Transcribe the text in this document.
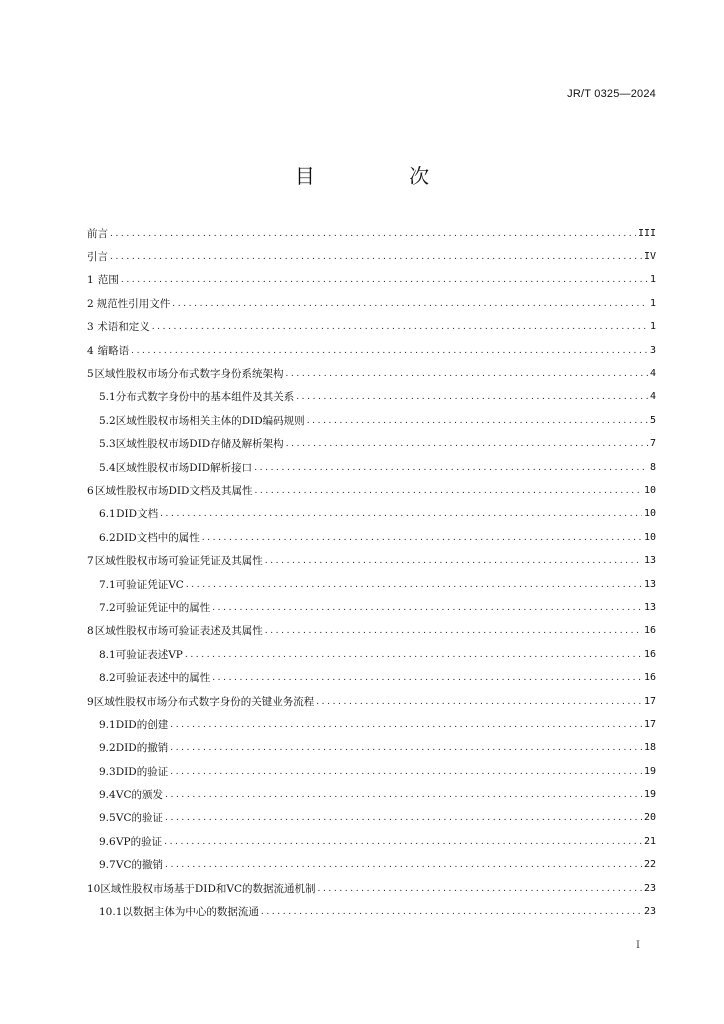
JR/T 0325—2024
目 次
前言 .....	III
引言 .....	IV
1 范围 .....	1
2 规范性引用文件 .....	1
3 术语和定义 .....	1
4 缩略语 .....	3
5 区域性股权市场分布式数字身份系统架构 .....	4
5.1 分布式数字身份中的基本组件及其关系 .....	4
5.2 区域性股权市场相关主体的DID编码规则 .....	5
5.3 区域性股权市场DID存储及解析架构 .....	7
5.4 区域性股权市场DID解析接口 .....	8
6 区域性股权市场DID文档及其属性 .....	10
6.1 DID文档 .....	10
6.2 DID文档中的属性 .....	10
7 区域性股权市场可验证凭证及其属性 .....	13
7.1 可验证凭证VC .....	13
7.2 可验证凭证中的属性 .....	13
8 区域性股权市场可验证表述及其属性 .....	16
8.1 可验证表述VP .....	16
8.2 可验证表述中的属性 .....	16
9 区域性股权市场分布式数字身份的关键业务流程 .....	17
9.1 DID的创建 .....	17
9.2 DID的撤销 .....	18
9.3 DID的验证 .....	19
9.4 VC的颁发 .....	19
9.5 VC的验证 .....	20
9.6 VP的验证 .....	21
9.7 VC的撤销 .....	22
10 区域性股权市场基于DID和VC的数据流通机制 .....	23
10.1 以数据主体为中心的数据流通 .....	23
I
